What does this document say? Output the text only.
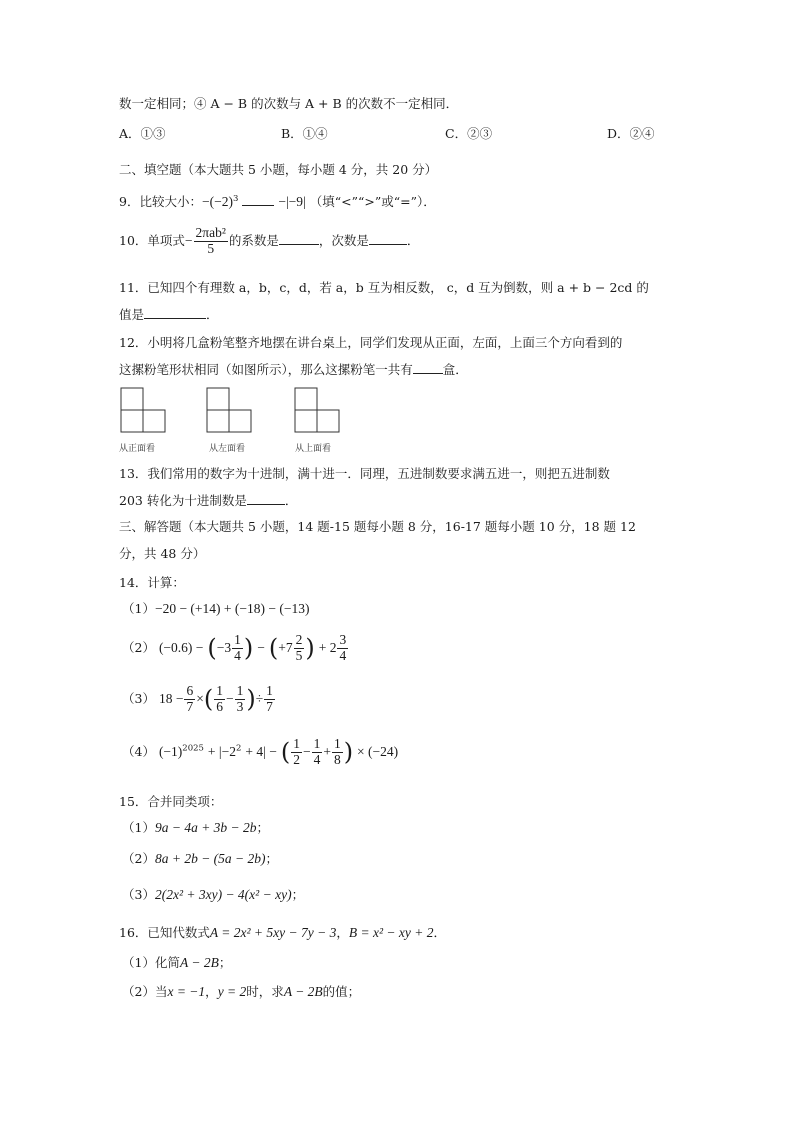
数一定相同；④ A − B 的次数与 A + B 的次数不一定相同．
A．①③	B．①④	C．②③	D．②④
二、填空题（本大题共 5 小题，每小题 4 分，共 20 分）
9．比较大小：$-(-2)^3$	−|−9| （填“<”“>”或“=”）．
10．单项式− $\frac{\text{2πab²}}{5}$ 的系数是	，次数是	．
11．已知四个有理数 a，b，c，d，若 a，b 互为相反数， c，d 互为倒数，则 a + b − 2cd 的
值是	．
12．小明将几盒粉笔整齐地摆在讲台桌上，同学们发现从正面，左面，上面三个方向看到的
这摞粉笔形状相同（如图所示），那么这摞粉笔一共有 盒．
从正面看	从左面看	从上面看
13．我们常用的数字为十进制，满十进一．同理，五进制数要求满五进一，则把五进制数
203 转化为十进制数是	．
三、解答题（本大题共 5 小题，14 题-15 题每小题 8 分，16-17 题每小题 10 分，18 题 12
分，共 48 分）
14．计算：
（1）−20 − (+14) + (−18) − (−13)
（2） $(-0.6) - (-3 \frac{1}{4}$ ) − ($+7 \frac{2}{5}$ ) + $2 \frac{3}{4}$
（3） $18 - \frac{6}{7}$ ×( $\frac{1}{6} - \frac{1}{3}$ )÷ $\frac{1}{7}$
（4） $(-1)^{2025} + |-2^2 + 4|$ − ( $\frac{1}{2} - \frac{1}{4} + \frac{1}{8}$ ) × (−24)
15．合并同类项：
（1）9a − 4a + 3b − 2b；
（2）8a + 2b − (5a − 2b)；
（3）2(2x² + 3xy) − 4(x² − xy)；
16．已知代数式A = 2x² + 5xy − 7y − 3，B = x² − xy + 2．
（1）化简A − 2B；
（2）当x = −1，y = 2时，求A − 2B的值；
